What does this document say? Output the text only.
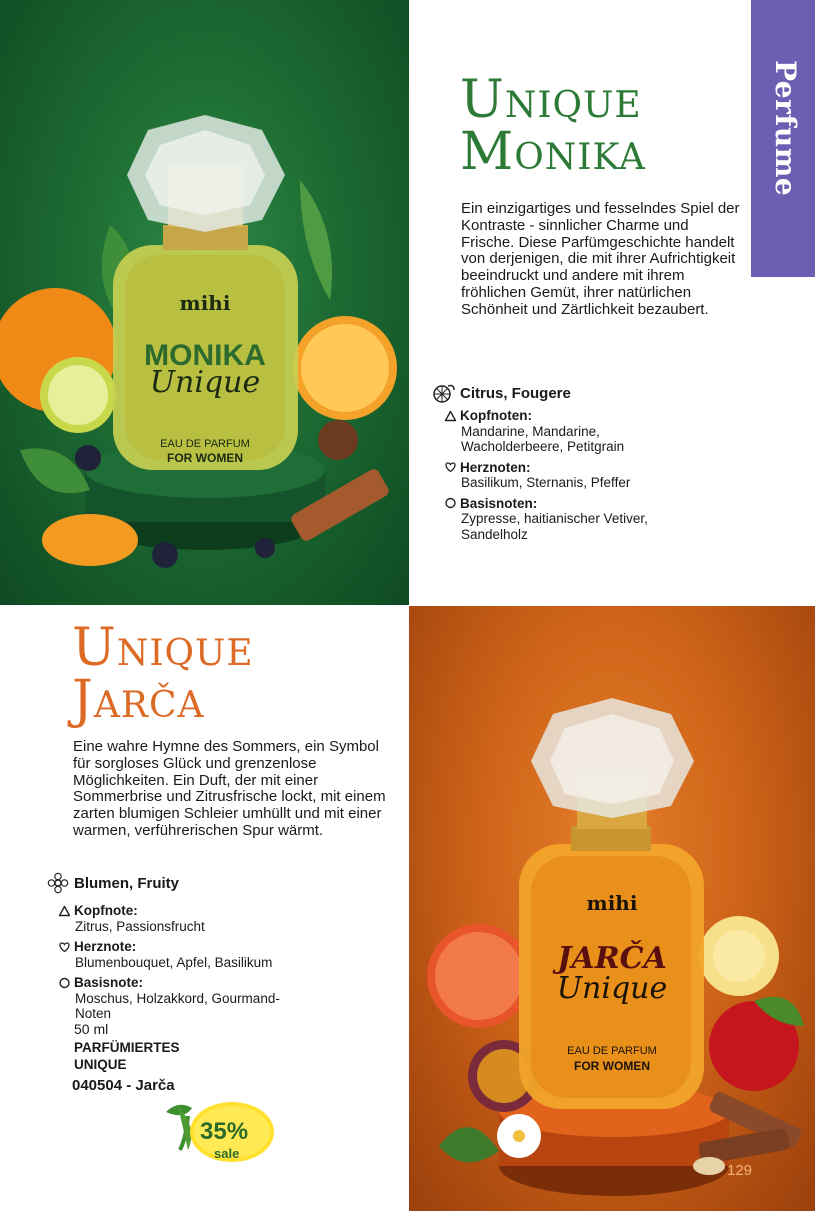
mihi
MONIKA
Unique
EAU DE PARFUM
FOR WOMEN
Perfume
Unique
Monika

Ein einzigartiges und fesselndes Spiel der Kontraste - sinnlicher Charme und Frische. Diese Parfümgeschichte handelt von derjenigen, die mit ihrer Aufrichtigkeit beeindruckt und andere mit ihrem fröhlichen Gemüt, ihrer natürlichen Schönheit und Zärtlichkeit bezaubert.

Citrus, Fougere
Kopfnoten:
Mandarine, Mandarine, Wacholderbeere, Petitgrain
Herznoten:
Basilikum, Sternanis, Pfeffer
Basisnoten:
Zypresse, haitianischer Vetiver, Sandelholz
Unique
Jarča

Eine wahre Hymne des Sommers, ein Symbol für sorgloses Glück und grenzenlose Möglichkeiten. Ein Duft, der mit einer Sommerbrise und Zitrusfrische lockt, mit einem zarten blumigen Schleier umhüllt und mit einer warmen, verführerischen Spur wärmt.

Blumen, Fruity
Kopfnote:
Zitrus, Passionsfrucht
Herznote:
Blumenbouquet, Apfel, Basilikum
Basisnote:
Moschus, Holzakkord, Gourmand-Noten
50 ml
PARFÜMIERTES
UNIQUE
040504 - Jarča
35%
sale
mihi
JARČA
Unique
EAU DE PARFUM
FOR WOMEN
129
